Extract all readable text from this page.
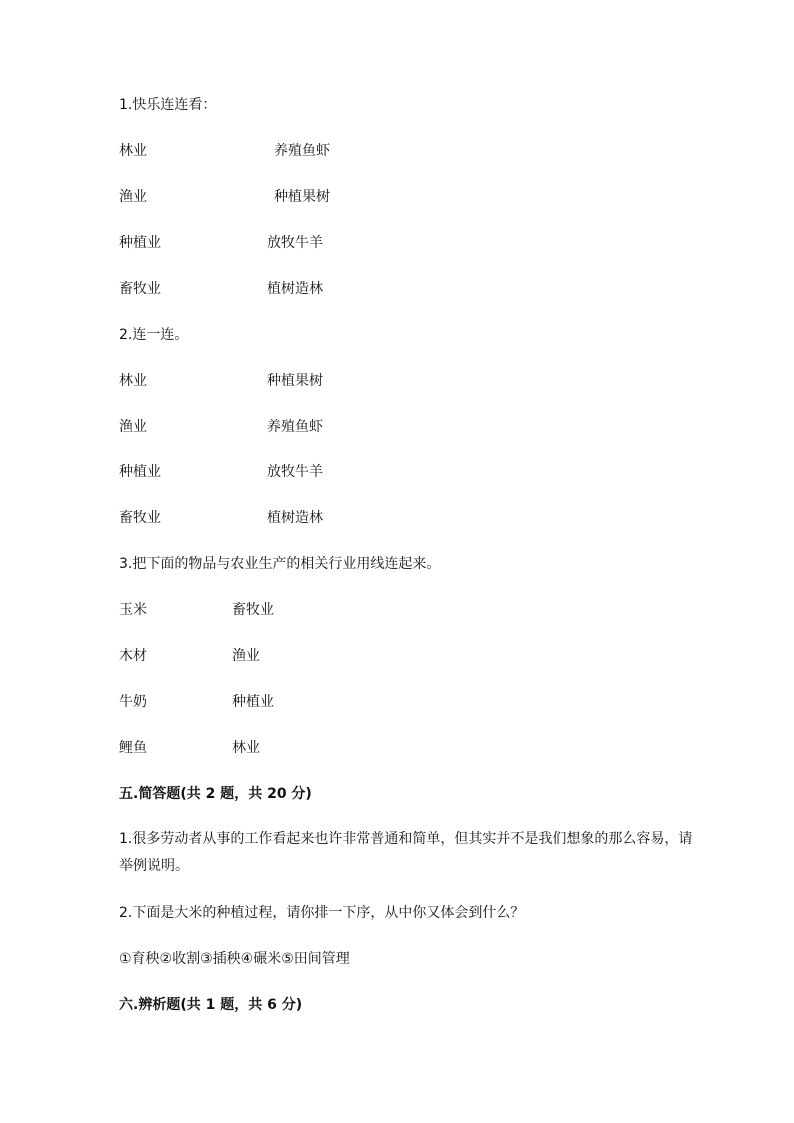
1.快乐连连看：
林业	养殖鱼虾
渔业	种植果树
种植业	放牧牛羊
畜牧业	植树造林
2.连一连。
林业	种植果树
渔业	养殖鱼虾
种植业	放牧牛羊
畜牧业	植树造林
3.把下面的物品与农业生产的相关行业用线连起来。
玉米	畜牧业
木材	渔业
牛奶	种植业
鲤鱼	林业
五.简答题(共 2 题，共 20 分)
1.很多劳动者从事的工作看起来也许非常普通和简单，但其实并不是我们想象的那么容易，请举例说明。
2.下面是大米的种植过程，请你排一下序，从中你又体会到什么？
①育秧②收割③插秧④碾米⑤田间管理
六.辨析题(共 1 题，共 6 分)
